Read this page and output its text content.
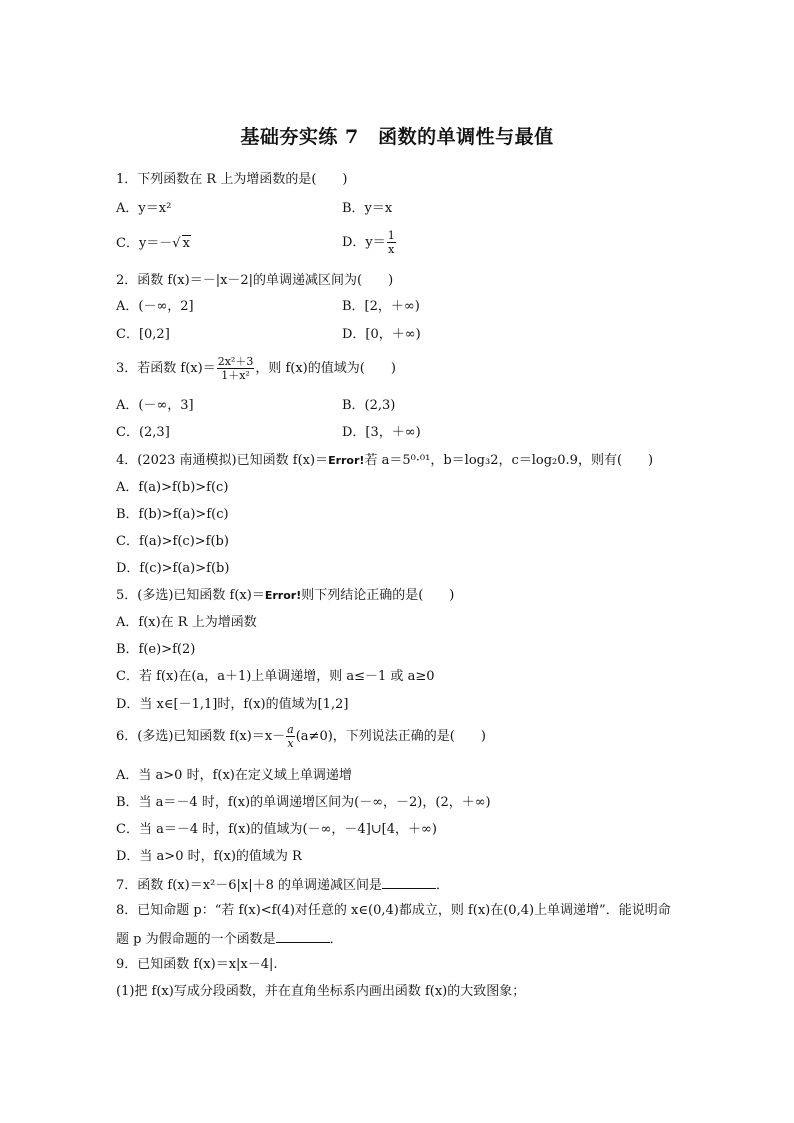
基础夯实练 7　函数的单调性与最值
1．下列函数在 R 上为增函数的是(　　)
A．y＝x²	B．y＝x
C．y＝－√ x	D．$y= \frac{1}{x}$
2．函数 f(x)＝－|x－2|的单调递减区间为(　　)
A．(－∞，2]	B．[2，＋∞)
C．[0,2]	D．[0，＋∞)
3．若函数 $f(x)= \frac{\text{2x²＋3}}{\text{1＋x²}}$ ，则 f(x)的值域为(　　)
A．(－∞，3]	B．(2,3)
C．(2,3]	D．[3，＋∞)
4．(2023 南通模拟)已知函数 f(x)＝Error!若 a＝5⁰·⁰¹，b＝log₃2，c＝log₂0.9，则有(　　)
A．f(a)>f(b)>f(c)
B．f(b)>f(a)>f(c)
C．f(a)>f(c)>f(b)
D．f(c)>f(a)>f(b)
5．(多选)已知函数 f(x)＝Error!则下列结论正确的是(　　)
A．f(x)在 R 上为增函数
B．f(e)>f(2)
C．若 f(x)在(a，a＋1)上单调递增，则 a≤－1 或 a≥0
D．当 x∈[－1,1]时，f(x)的值域为[1,2]
6．(多选)已知函数 $f(x)=x- \frac{a}{x} (a\ne 0)$，下列说法正确的是(　　)
A．当 a>0 时，f(x)在定义域上单调递增
B．当 a＝－4 时，f(x)的单调递增区间为(－∞，－2)，(2，＋∞)
C．当 a＝－4 时，f(x)的值域为(－∞，－4]∪[4，＋∞)
D．当 a>0 时，f(x)的值域为 R
7．函数 f(x)＝x²－6|x|＋8 的单调递减区间是	．
8．已知命题 p：“若 f(x)<f(4)对任意的 x∈(0,4)都成立，则 f(x)在(0,4)上单调递增”．能说明命
题 p 为假命题的一个函数是	．
9．已知函数 f(x)＝x|x－4|.
(1)把 f(x)写成分段函数，并在直角坐标系内画出函数 f(x)的大致图象；
